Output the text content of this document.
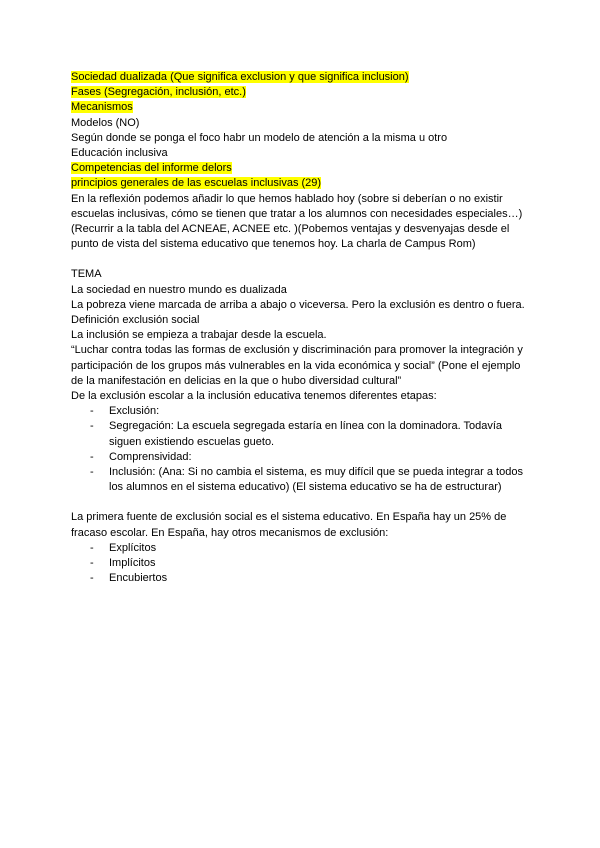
Sociedad dualizada (Que significa exclusion y que significa inclusion)
Fases (Segregación, inclusión, etc.)
Mecanismos
Modelos (NO)
Según donde se ponga el foco habr un modelo de atención a la misma u otro
Educación inclusiva
Competencias del informe delors
principios generales de las escuelas inclusivas (29)
En la reflexión podemos añadir lo que hemos hablado hoy (sobre si deberían o no existir escuelas inclusivas, cómo se tienen que tratar a los alumnos con necesidades especiales…)(Recurrir a la tabla del ACNEAE, ACNEE etc. )(Pobemos ventajas y desvenyajas desde el punto de vista del sistema educativo que tenemos hoy. La charla de Campus Rom)
TEMA
La sociedad en nuestro mundo es dualizada
La pobreza viene marcada de arriba a abajo o viceversa. Pero la exclusión es dentro o fuera.
Definición exclusión social
La inclusión se empieza a trabajar desde la escuela.
“Luchar contra todas las formas de exclusión y discriminación para promover la integración y participación de los grupos más vulnerables en la vida económica y social” (Pone el ejemplo de la manifestación en delicias en la que o hubo diversidad cultural”
De la exclusión escolar a la inclusión educativa tenemos diferentes etapas:
- Exclusión:
- Segregación: La escuela segregada estaría en línea con la dominadora. Todavía siguen existiendo escuelas gueto.
- Comprensividad:
- Inclusión: (Ana: Si no cambia el sistema, es muy difícil que se pueda integrar a todos los alumnos en el sistema educativo) (El sistema educativo se ha de estructurar)
La primera fuente de exclusión social es el sistema educativo. En España hay un 25% de fracaso escolar. En España, hay otros mecanismos de exclusión:
- Explícitos
- Implícitos
- Encubiertos
